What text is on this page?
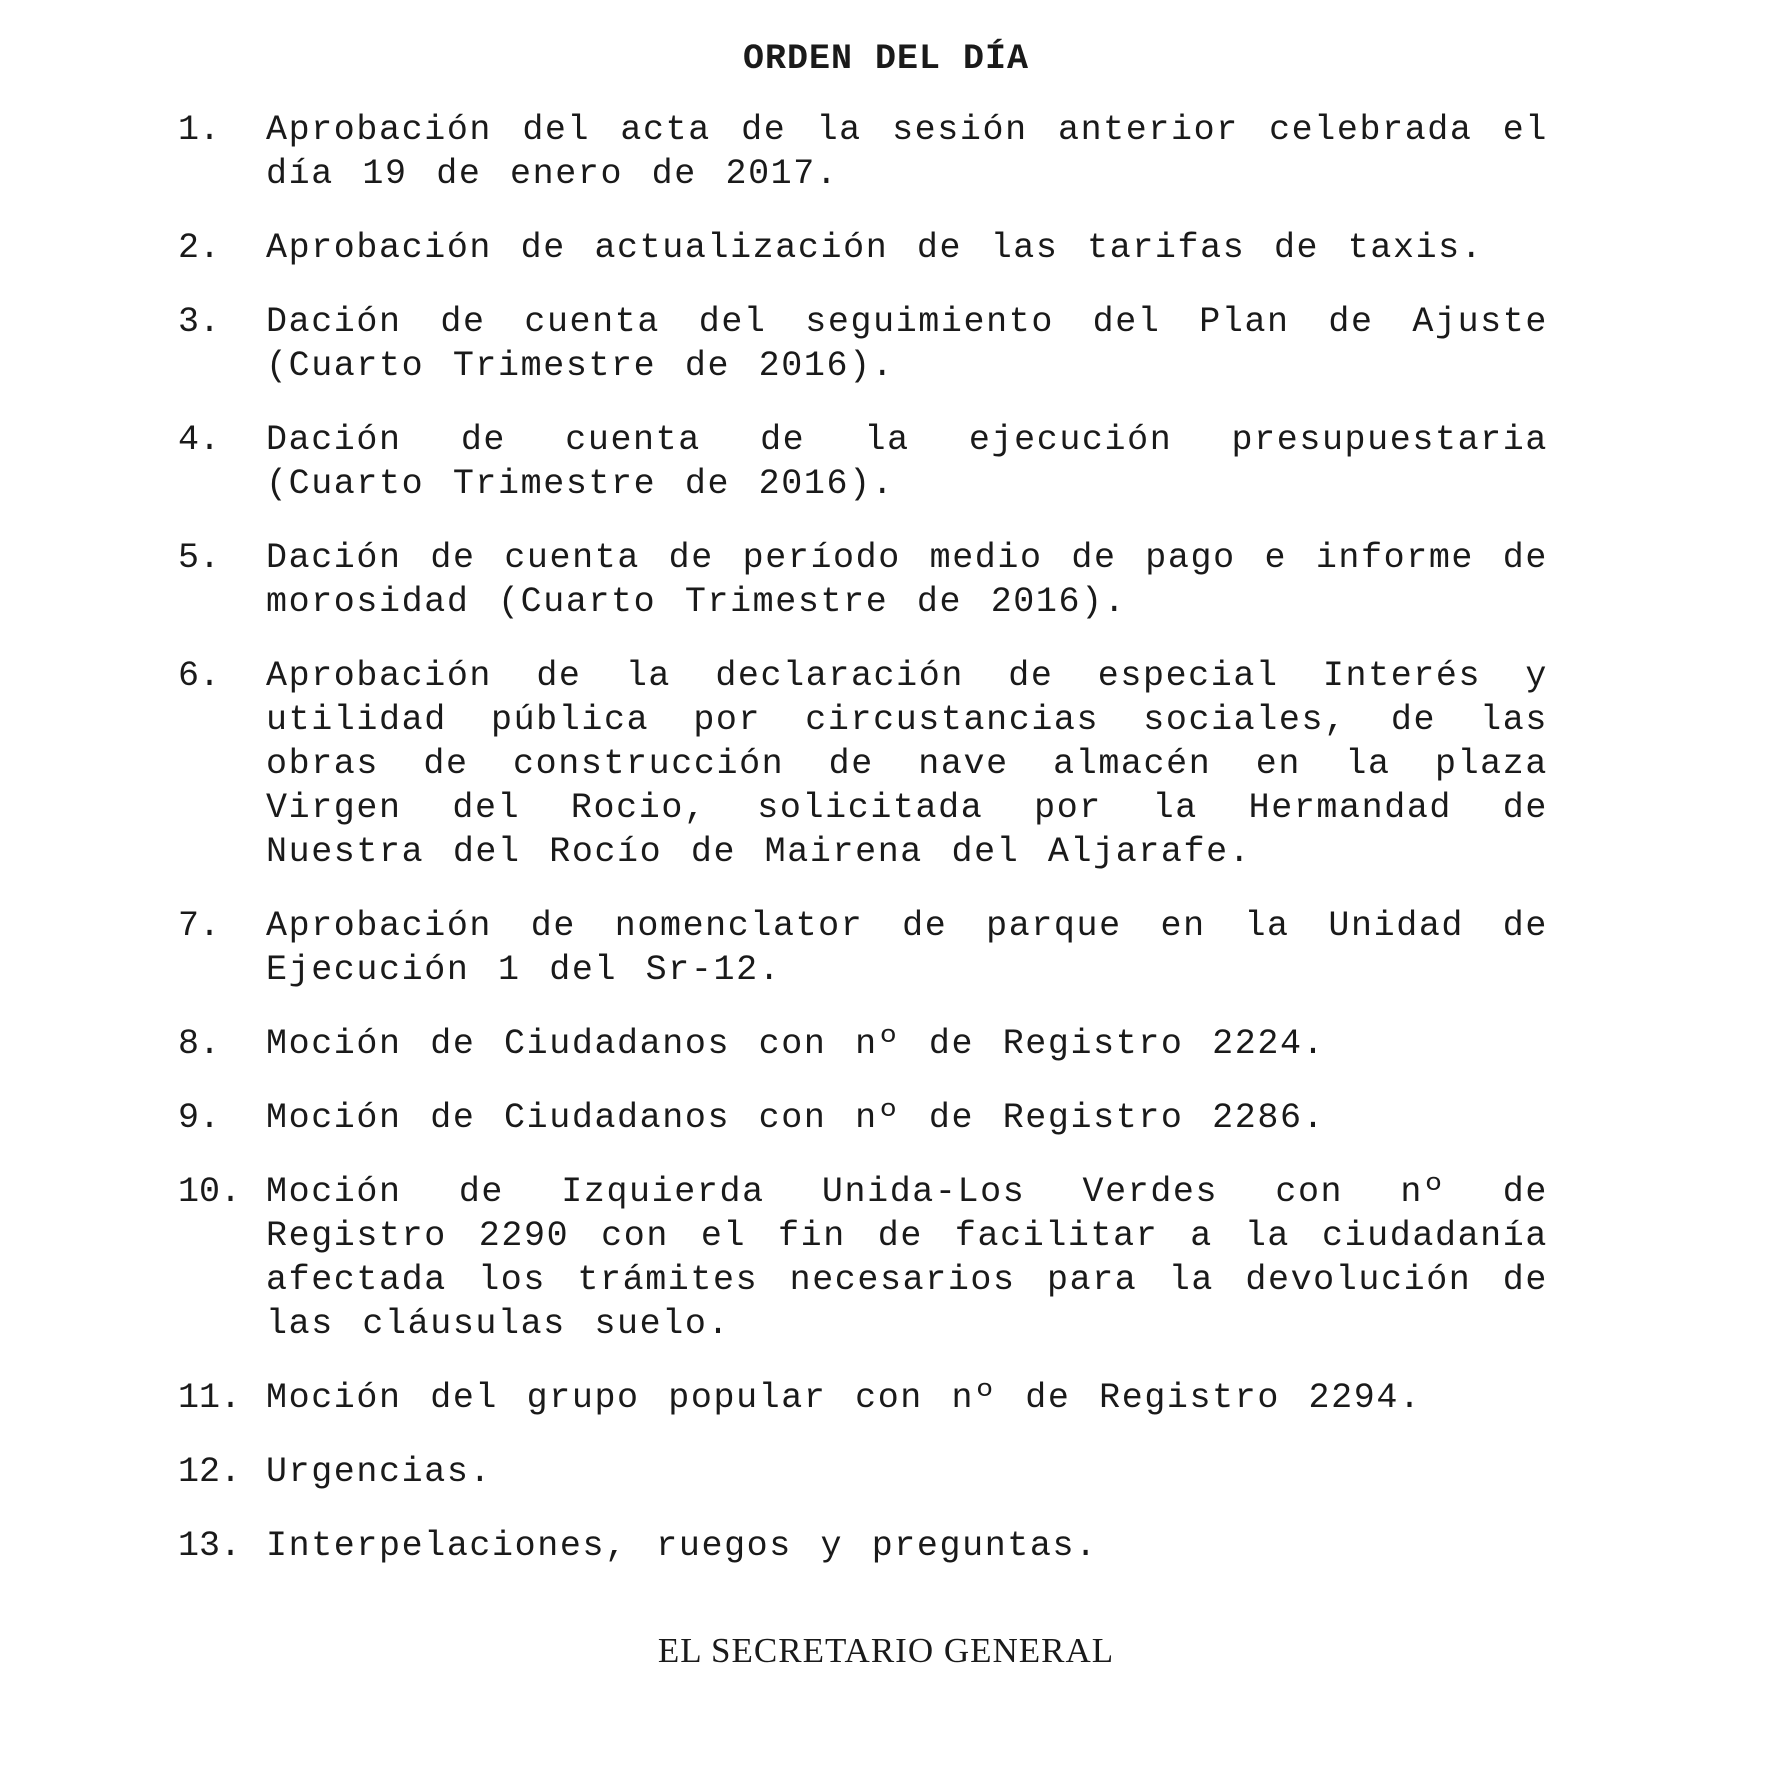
ORDEN DEL DÍA
1.	Aprobación del acta de la sesión anterior celebrada el día 19 de enero de 2017.
2.	Aprobación de actualización de las tarifas de taxis.
3.	Dación de cuenta del seguimiento del Plan de Ajuste (Cuarto Trimestre de 2016).
4.	Dación de cuenta de la ejecución presupuestaria (Cuarto Trimestre de 2016).
5.	Dación de cuenta de período medio de pago e informe de morosidad (Cuarto Trimestre de 2016).
6.	Aprobación de la declaración de especial Interés y utilidad pública por circustancias sociales, de las obras de construcción de nave almacén en la plaza Virgen del Rocio, solicitada por la Hermandad de Nuestra del Rocío de Mairena del Aljarafe.
7.	Aprobación de nomenclator de parque en la Unidad de Ejecución 1 del Sr-12.
8.	Moción de Ciudadanos con nº de Registro 2224.
9.	Moción de Ciudadanos con nº de Registro 2286.
10. Moción de Izquierda Unida-Los Verdes con nº de Registro 2290 con el fin de facilitar a la ciudadanía afectada los trámites necesarios para la devolución de las cláusulas suelo.
11. Moción del grupo popular con nº de Registro 2294.
12. Urgencias.
13. Interpelaciones, ruegos y preguntas.
EL SECRETARIO GENERAL
